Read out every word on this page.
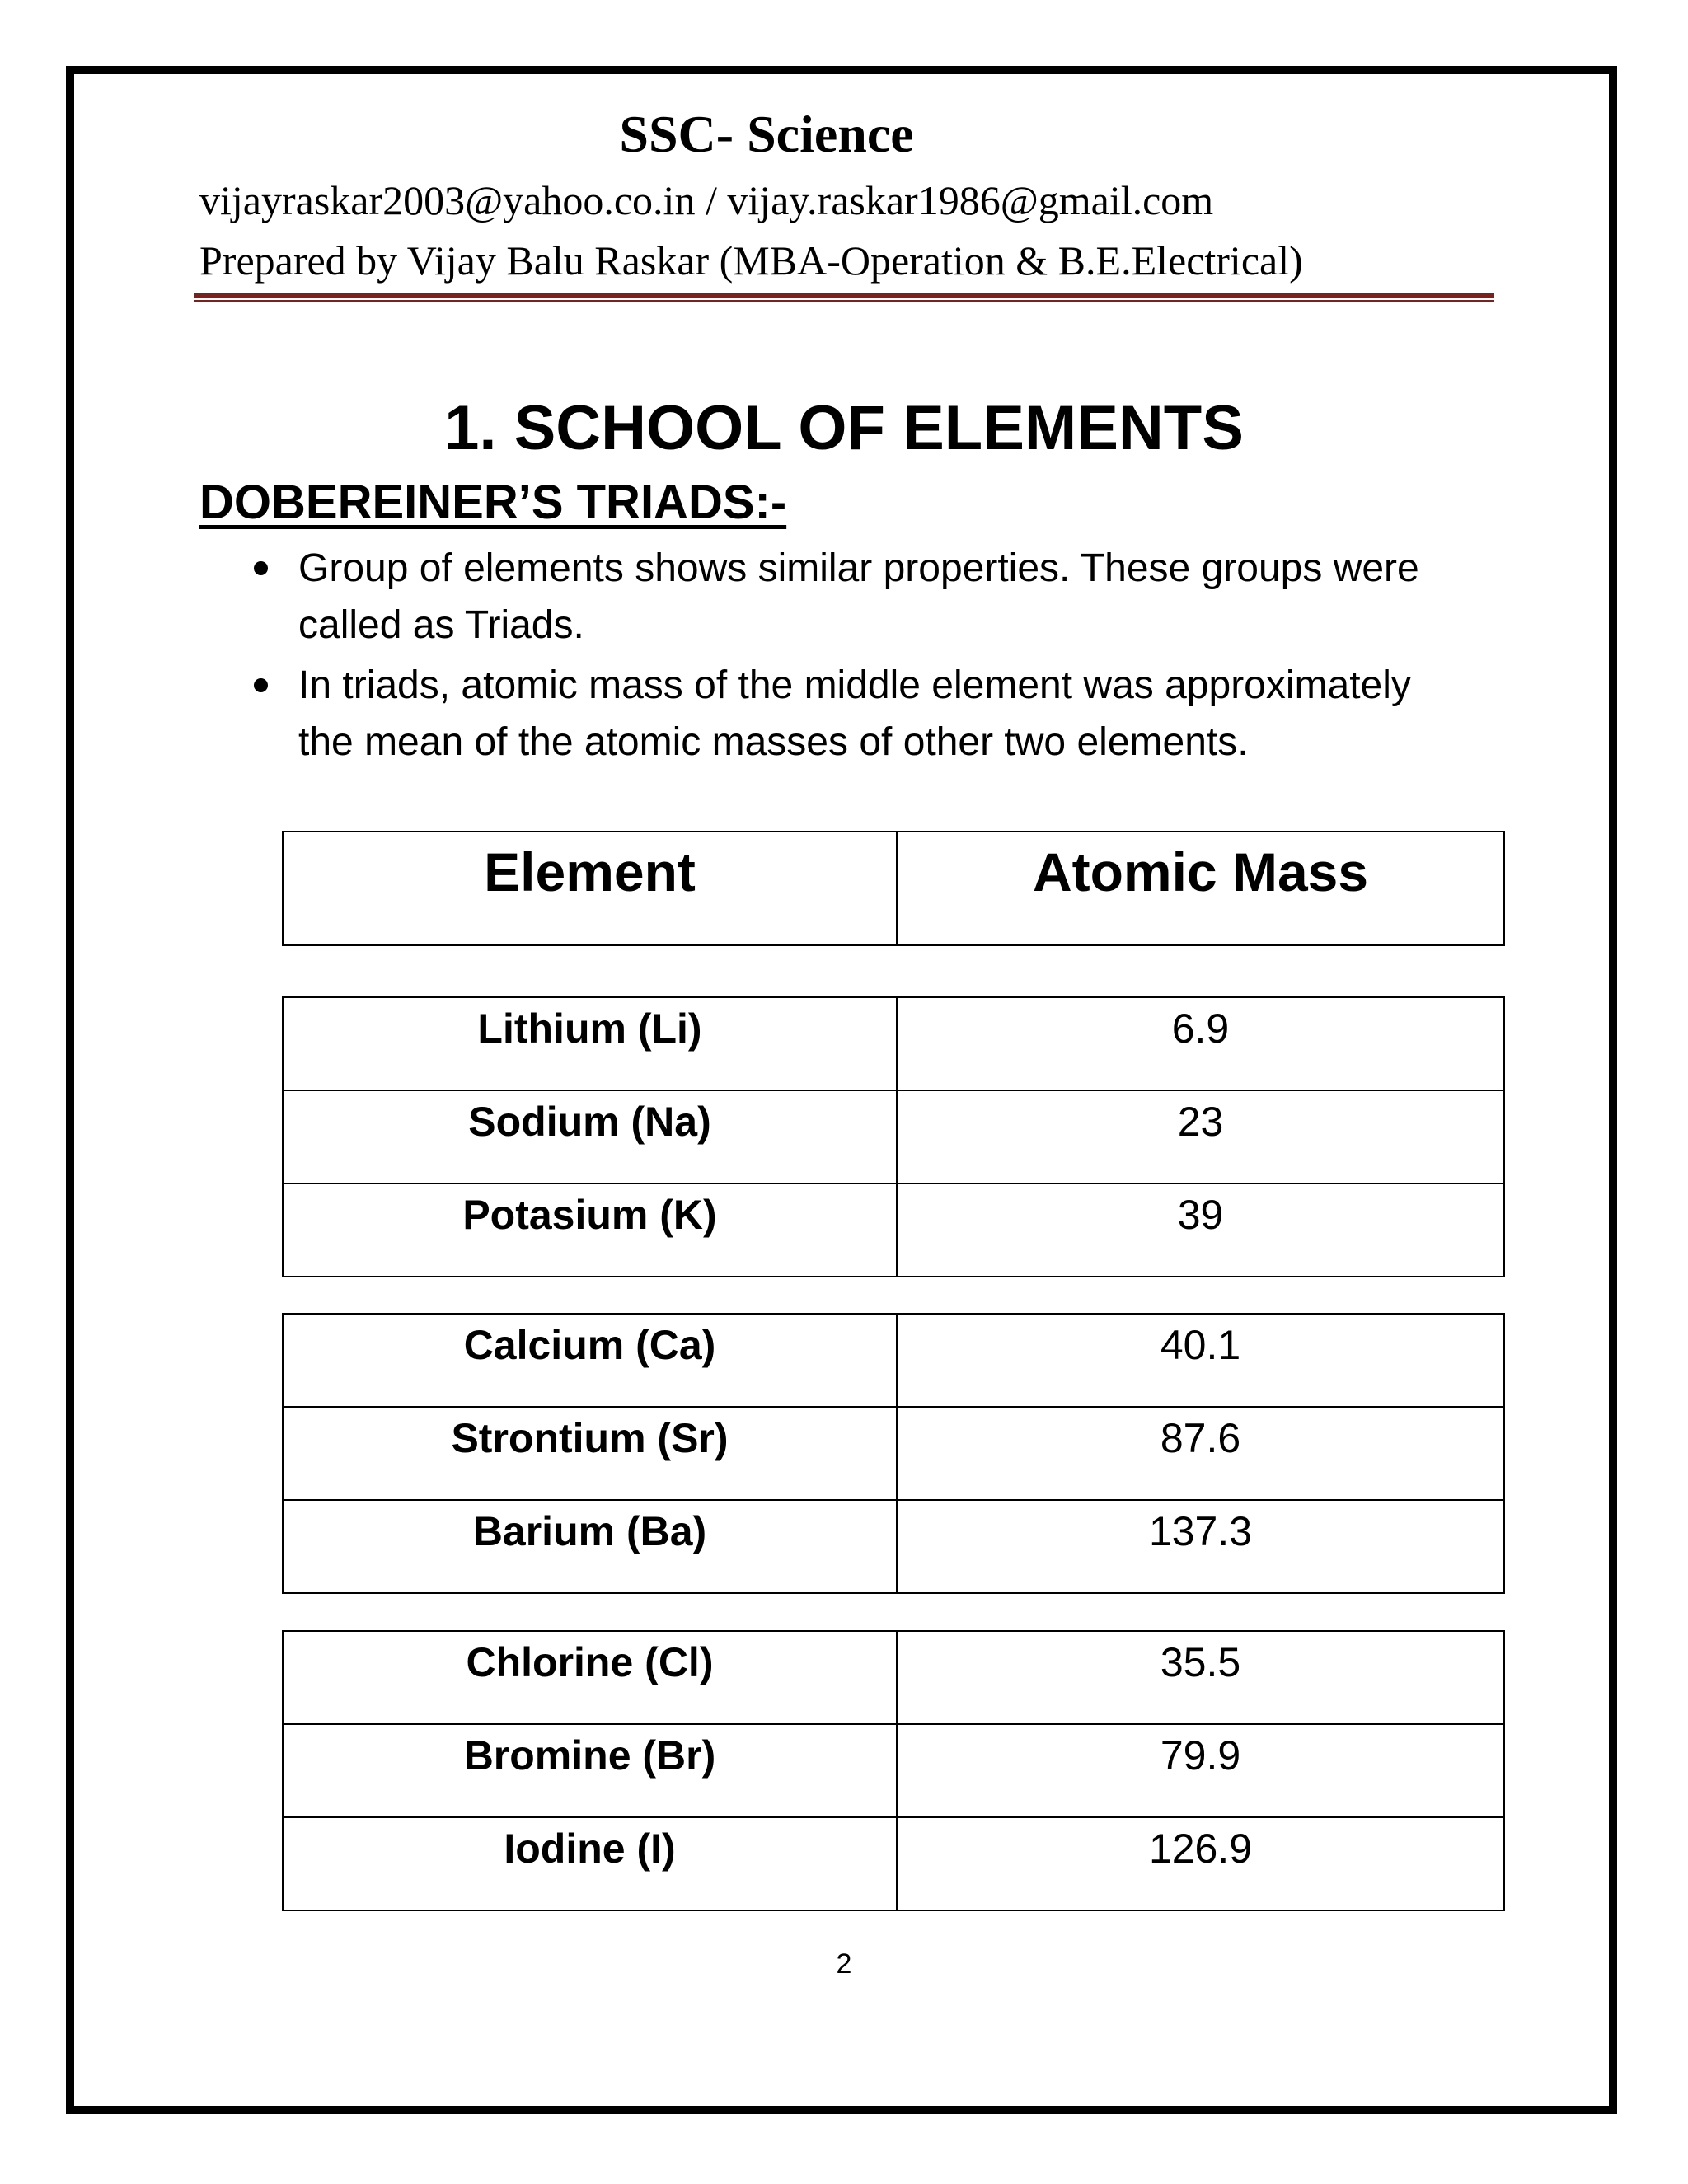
SSC- Science
vijayraskar2003@yahoo.co.in / vijay.raskar1986@gmail.com
Prepared by Vijay Balu Raskar (MBA-Operation & B.E.Electrical)
1. SCHOOL OF ELEMENTS
DOBEREINER’S TRIADS:-
Group of elements shows similar properties. These groups were called as Triads.
In triads, atomic mass of the middle element was approximately the mean of the atomic masses of other two elements.
Element	Atomic Mass
Lithium (Li)	6.9
Sodium (Na)	23
Potasium (K)	39
Calcium (Ca)	40.1
Strontium (Sr)	87.6
Barium (Ba)	137.3
Chlorine (Cl)	35.5
Bromine (Br)	79.9
Iodine (I)	126.9
2
